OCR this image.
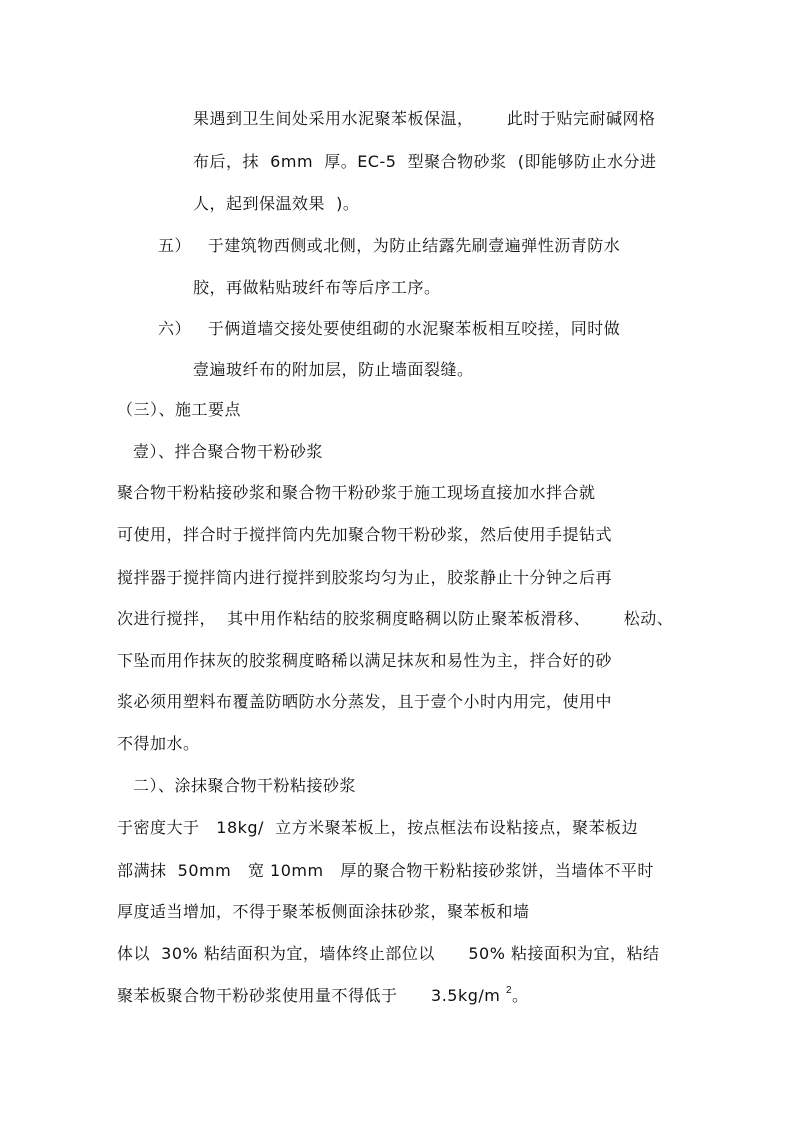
果遇到卫生间处采用水泥聚苯板保温，      此时于贴完耐碱网格
布后，抹  6mm  厚。EC-5  型聚合物砂浆  (即能够防止水分进
人，起到保温效果  )。
五）   于建筑物西侧或北侧，为防止结露先刷壹遍弹性沥青防水
胶，再做粘贴玻纤布等后序工序。
六）   于俩道墙交接处要使组砌的水泥聚苯板相互咬搓，同时做
壹遍玻纤布的附加层，防止墙面裂缝。
（三）、施工要点
壹）、拌合聚合物干粉砂浆
聚合物干粉粘接砂浆和聚合物干粉砂浆于施工现场直接加水拌合就
可使用，拌合时于搅拌筒内先加聚合物干粉砂浆，然后使用手提钻式
搅拌器于搅拌筒内进行搅拌到胶浆均匀为止，胶浆静止十分钟之后再
次进行搅拌，  其中用作粘结的胶浆稠度略稠以防止聚苯板滑移、      松动、
下坠而用作抹灰的胶浆稠度略稀以满足抹灰和易性为主，拌合好的砂
浆必须用塑料布覆盖防晒防水分蒸发，且于壹个小时内用完，使用中
不得加水。
二）、涂抹聚合物干粉粘接砂浆
于密度大于   18kg/  立方米聚苯板上，按点框法布设粘接点，聚苯板边
部满抹  50mm   宽 10mm   厚的聚合物干粉粘接砂浆饼，当墙体不平时
厚度适当增加，不得于聚苯板侧面涂抹砂浆，聚苯板和墙
体以  30% 粘结面积为宜，墙体终止部位以      50% 粘接面积为宜，粘结
聚苯板聚合物干粉砂浆使用量不得低于      3.5kg/m $^2$。
